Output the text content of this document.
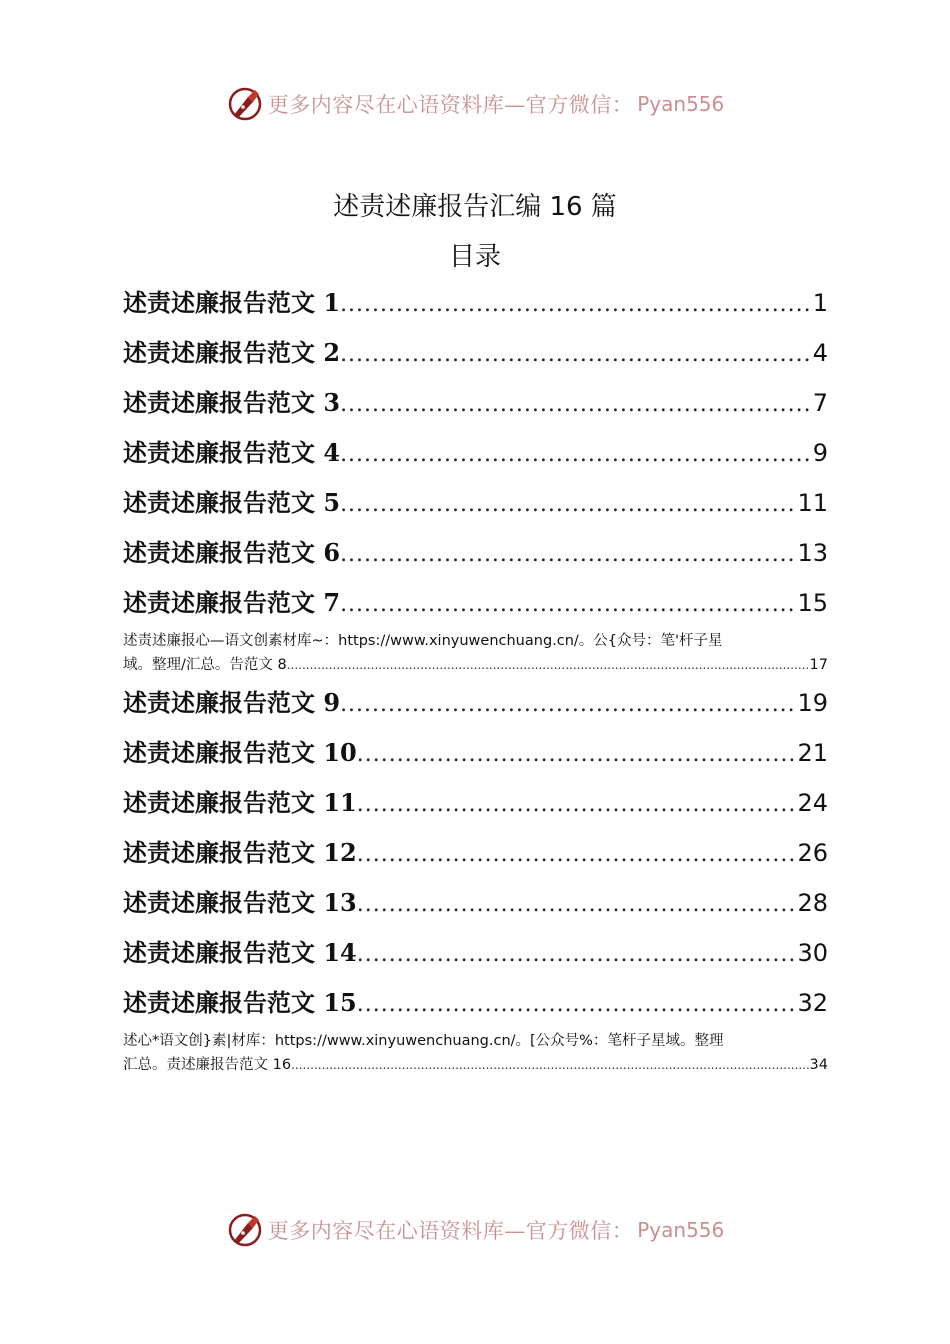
更多内容尽在心语资料库—官方微信： Pyan556
述责述廉报告汇编 16 篇
目录
述责述廉报告范文 1 .....	1
述责述廉报告范文 2 .....	4
述责述廉报告范文 3 .....	7
述责述廉报告范文 4 .....	9
述责述廉报告范文 5 .....	11
述责述廉报告范文 6 .....	13
述责述廉报告范文 7 .....	15
述责述廉报心—语文创素材库~：https://www.xinyuwenchuang.cn/。公{众号：笔'杆子星
域。整理/汇总。告范文 8 .....	17
述责述廉报告范文 9 .....	19
述责述廉报告范文 10 .....	21
述责述廉报告范文 11 .....	24
述责述廉报告范文 12 .....	26
述责述廉报告范文 13 .....	28
述责述廉报告范文 14 .....	30
述责述廉报告范文 15 .....	32
述心*语文创}素|材库：https://www.xinyuwenchuang.cn/。[公众号%：笔杆子星域。整理
汇总。责述廉报告范文 16 .....	34
更多内容尽在心语资料库—官方微信： Pyan556
